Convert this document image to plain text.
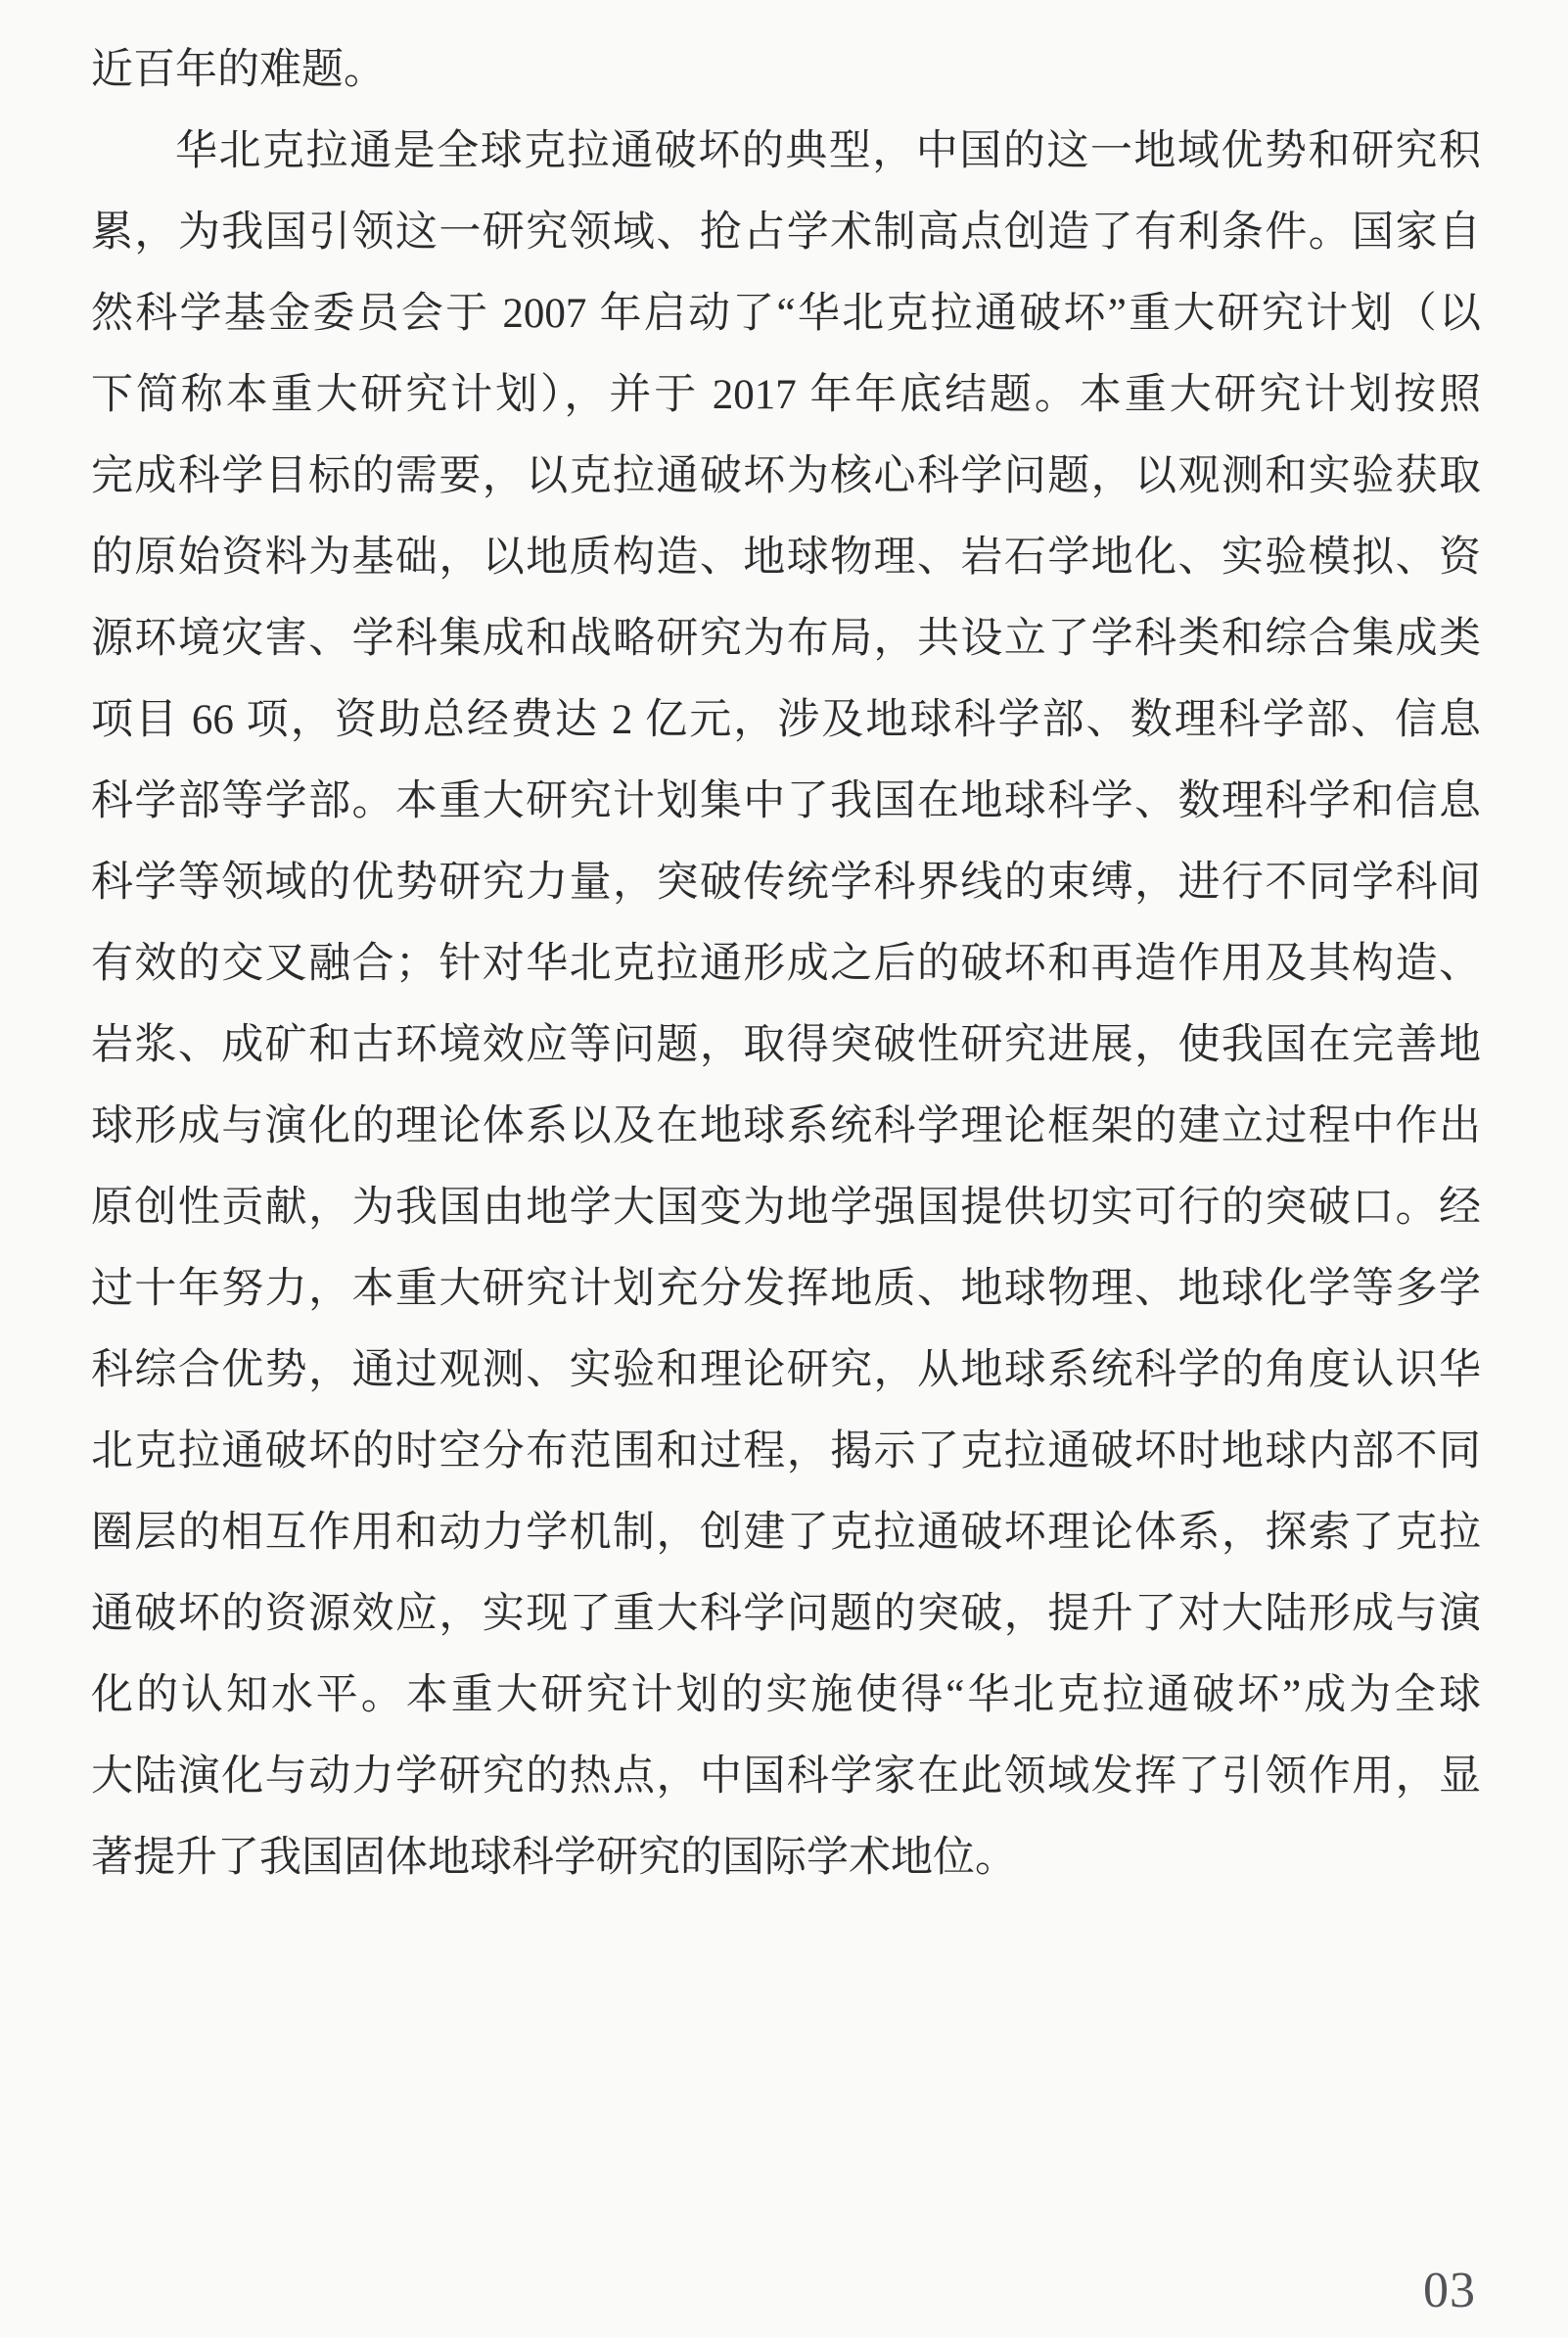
近百年的难题。
华北克拉通是全球克拉通破坏的典型，中国的这一地域优势和研究积
累，为我国引领这一研究领域、抢占学术制高点创造了有利条件。国家自
然科学基金委员会于 2007 年启动了“华北克拉通破坏”重大研究计划（以
下简称本重大研究计划），并于 2017 年年底结题。本重大研究计划按照
完成科学目标的需要，以克拉通破坏为核心科学问题，以观测和实验获取
的原始资料为基础，以地质构造、地球物理、岩石学地化、实验模拟、资
源环境灾害、学科集成和战略研究为布局，共设立了学科类和综合集成类
项目 66 项，资助总经费达 2 亿元，涉及地球科学部、数理科学部、信息
科学部等学部。本重大研究计划集中了我国在地球科学、数理科学和信息
科学等领域的优势研究力量，突破传统学科界线的束缚，进行不同学科间
有效的交叉融合；针对华北克拉通形成之后的破坏和再造作用及其构造、
岩浆、成矿和古环境效应等问题，取得突破性研究进展，使我国在完善地
球形成与演化的理论体系以及在地球系统科学理论框架的建立过程中作出
原创性贡献，为我国由地学大国变为地学强国提供切实可行的突破口。经
过十年努力，本重大研究计划充分发挥地质、地球物理、地球化学等多学
科综合优势，通过观测、实验和理论研究，从地球系统科学的角度认识华
北克拉通破坏的时空分布范围和过程，揭示了克拉通破坏时地球内部不同
圈层的相互作用和动力学机制，创建了克拉通破坏理论体系，探索了克拉
通破坏的资源效应，实现了重大科学问题的突破，提升了对大陆形成与演
化的认知水平。本重大研究计划的实施使得“华北克拉通破坏”成为全球
大陆演化与动力学研究的热点，中国科学家在此领域发挥了引领作用，显
著提升了我国固体地球科学研究的国际学术地位。
03
